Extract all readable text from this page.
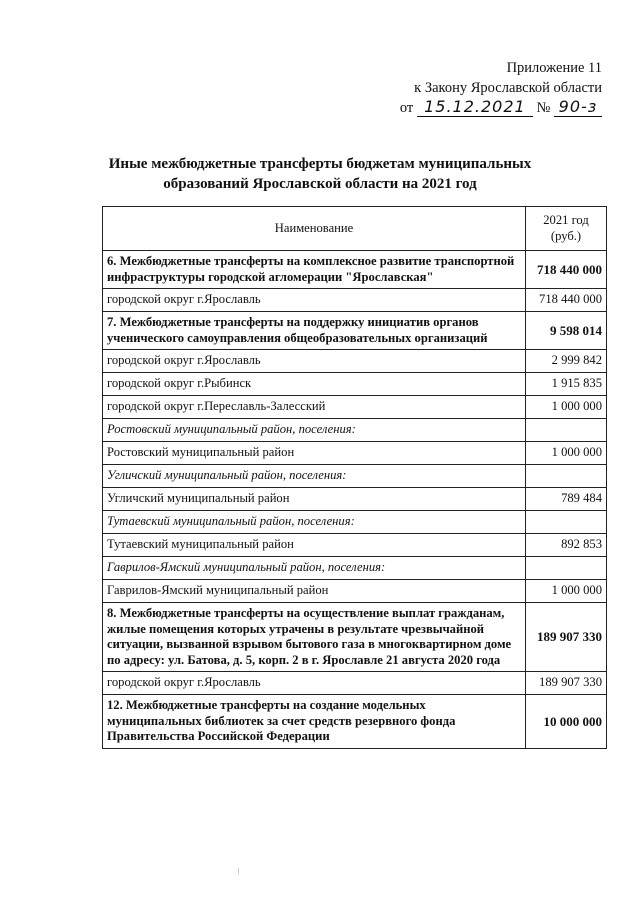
Приложение 11
к Закону Ярославской области
от 15.12.2021 № 90-з
Иные межбюджетные трансферты бюджетам муниципальных
образований Ярославской области на 2021 год
Наименование	2021 год
(руб.)
6. Межбюджетные трансферты на комплексное развитие транспортной инфраструктуры городской агломерации "Ярославская"	718 440 000
городской округ г.Ярославль	718 440 000
7. Межбюджетные трансферты на поддержку инициатив органов ученического самоуправления общеобразовательных организаций	9 598 014
городской округ г.Ярославль	2 999 842
городской округ г.Рыбинск	1 915 835
городской округ г.Переславль-Залесский	1 000 000
Ростовский муниципальный район, поселения:	
Ростовский муниципальный район	1 000 000
Угличский муниципальный район, поселения:	
Угличский муниципальный район	789 484
Тутаевский муниципальный район, поселения:	
Тутаевский муниципальный район	892 853
Гаврилов-Ямский муниципальный район, поселения:	
Гаврилов-Ямский муниципальный район	1 000 000
8. Межбюджетные трансферты на осуществление выплат гражданам, жилые помещения которых утрачены в результате чрезвычайной ситуации, вызванной взрывом бытового газа в многоквартирном доме по адресу: ул. Батова, д. 5, корп. 2 в г. Ярославле 21 августа 2020 года	189 907 330
городской округ г.Ярославль	189 907 330
12. Межбюджетные трансферты на создание модельных муниципальных библиотек за счет средств резервного фонда Правительства Российской Федерации	10 000 000
